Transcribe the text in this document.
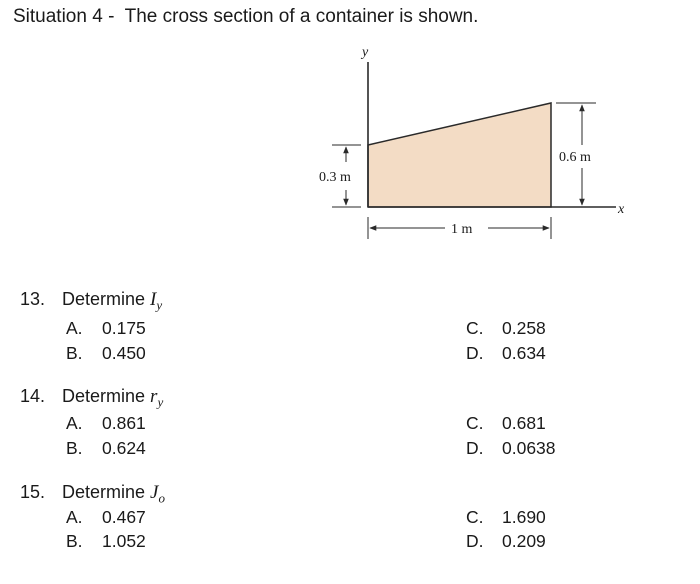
Situation 4 - The cross section of a container is shown.
y
x
0.3 m
0.6 m
1 m
13. Determine $I_y$
A. 0.175
B. 0.450
C. 0.258
D. 0.634
14. Determine $r_y$
A. 0.861
B. 0.624
C. 0.681
D. 0.0638
15. Determine $J_o$
A. 0.467
B. 1.052
C. 1.690
D. 0.209
